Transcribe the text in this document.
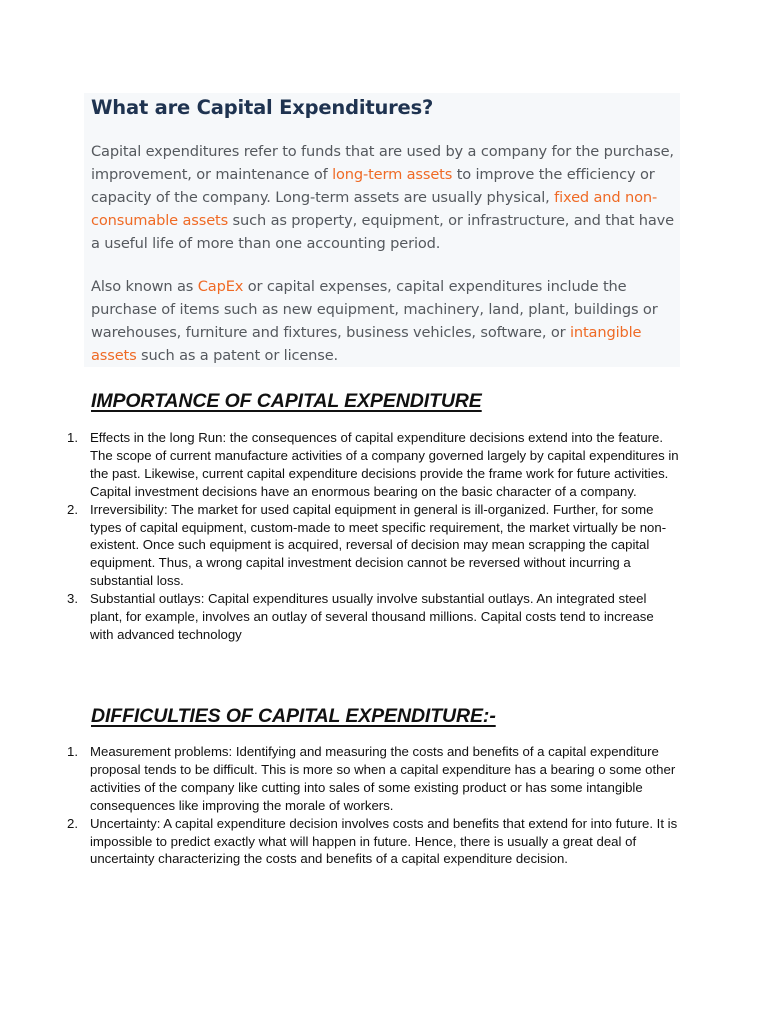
What are Capital Expenditures?

Capital expenditures refer to funds that are used by a company for the purchase, improvement, or maintenance of long-term assets to improve the efficiency or capacity of the company. Long-term assets are usually physical, fixed and non-consumable assets such as property, equipment, or infrastructure, and that have a useful life of more than one accounting period.

Also known as CapEx or capital expenses, capital expenditures include the purchase of items such as new equipment, machinery, land, plant, buildings or warehouses, furniture and fixtures, business vehicles, software, or intangible assets such as a patent or license.

IMPORTANCE OF CAPITAL EXPENDITURE
1. Effects in the long Run: the consequences of capital expenditure decisions extend into the feature. The scope of current manufacture activities of a company governed largely by capital expenditures in the past. Likewise, current capital expenditure decisions provide the frame work for future activities. Capital investment decisions have an enormous bearing on the basic character of a company.
2. Irreversibility: The market for used capital equipment in general is ill-organized. Further, for some types of capital equipment, custom-made to meet specific requirement, the market virtually be non-existent. Once such equipment is acquired, reversal of decision may mean scrapping the capital equipment. Thus, a wrong capital investment decision cannot be reversed without incurring a substantial loss.
3. Substantial outlays: Capital expenditures usually involve substantial outlays. An integrated steel plant, for example, involves an outlay of several thousand millions. Capital costs tend to increase with advanced technology
DIFFICULTIES OF CAPITAL EXPENDITURE:-
1. Measurement problems: Identifying and measuring the costs and benefits of a capital expenditure proposal tends to be difficult. This is more so when a capital expenditure has a bearing o some other activities of the company like cutting into sales of some existing product or has some intangible consequences like improving the morale of workers.
2. Uncertainty: A capital expenditure decision involves costs and benefits that extend for into future. It is impossible to predict exactly what will happen in future. Hence, there is usually a great deal of uncertainty characterizing the costs and benefits of a capital expenditure decision.
